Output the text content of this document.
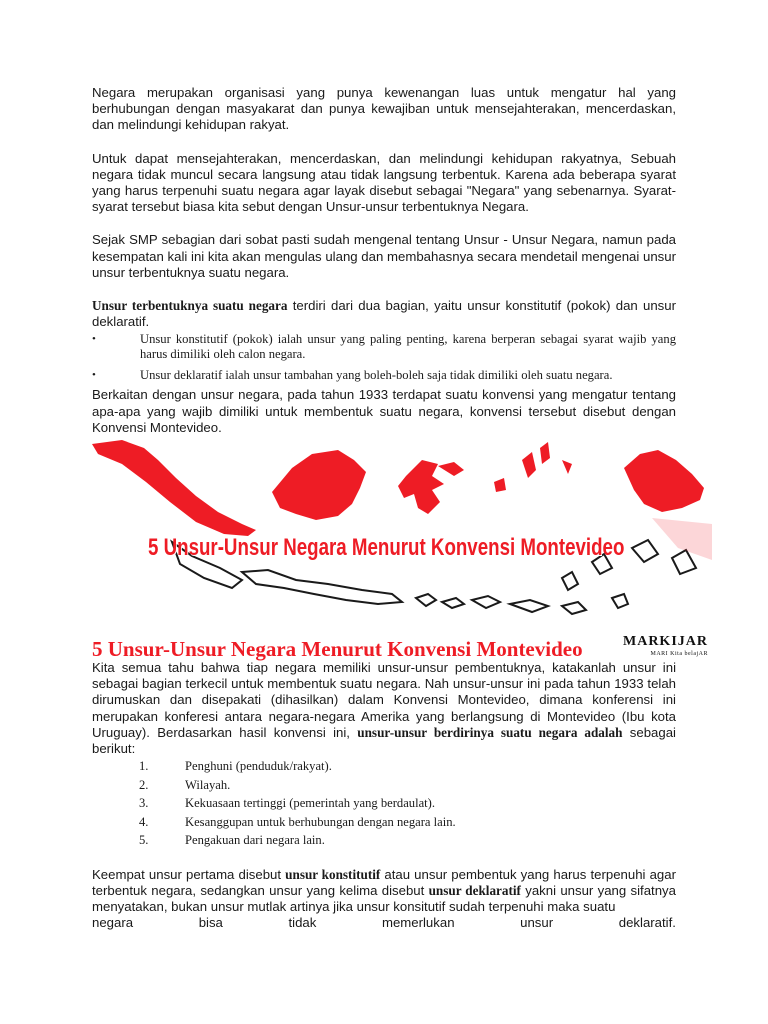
Negara merupakan organisasi yang punya kewenangan luas untuk mengatur hal yang berhubungan dengan masyakarat dan punya kewajiban untuk mensejahterakan, mencerdaskan, dan melindungi kehidupan rakyat.

Untuk dapat mensejahterakan, mencerdaskan, dan melindungi kehidupan rakyatnya, Sebuah negara tidak muncul secara langsung atau tidak langsung terbentuk. Karena ada beberapa syarat yang harus terpenuhi suatu negara agar layak disebut sebagai "Negara" yang sebenarnya. Syarat-syarat tersebut biasa kita sebut dengan Unsur-unsur terbentuknya Negara.

Sejak SMP sebagian dari sobat pasti sudah mengenal tentang Unsur - Unsur Negara, namun pada kesempatan kali ini kita akan mengulas ulang dan membahasnya secara mendetail mengenai unsur unsur terbentuknya suatu negara.

Unsur terbentuknya suatu negara terdiri dari dua bagian, yaitu unsur konstitutif (pokok) dan unsur deklaratif.

•	Unsur konstitutif (pokok) ialah unsur yang paling penting, karena berperan sebagai syarat wajib yang harus dimiliki oleh calon negara.
•	Unsur deklaratif ialah unsur tambahan yang boleh-boleh saja tidak dimiliki oleh suatu negara.

Berkaitan dengan unsur negara, pada tahun 1933 terdapat suatu konvensi yang mengatur tentang apa-apa yang wajib dimiliki untuk membentuk suatu negara, konvensi tersebut disebut dengan Konvensi Montevideo.

5 Unsur-Unsur Negara Menurut Konvensi Montevideo
MARKIJAR
MARI Kita belajAR
5 Unsur-Unsur Negara Menurut Konvensi Montevideo

Kita semua tahu bahwa tiap negara memiliki unsur-unsur pembentuknya, katakanlah unsur ini sebagai bagian terkecil untuk membentuk suatu negara. Nah unsur-unsur ini pada tahun 1933 telah dirumuskan dan disepakati (dihasilkan) dalam Konvensi Montevideo, dimana konferensi ini merupakan konferesi antara negara-negara Amerika yang berlangsung di Montevideo (Ibu kota Uruguay). Berdasarkan hasil konvensi ini, unsur-unsur berdirinya suatu negara adalah sebagai berikut:

1.	Penghuni (penduduk/rakyat).
2.	Wilayah.
3.	Kekuasaan tertinggi (pemerintah yang berdaulat).
4.	Kesanggupan untuk berhubungan dengan negara lain.
5.	Pengakuan dari negara lain.

Keempat unsur pertama disebut unsur konstitutif atau unsur pembentuk yang harus terpenuhi agar terbentuk negara, sedangkan unsur yang kelima disebut unsur deklaratif yakni unsur yang sifatnya menyatakan, bukan unsur mutlak artinya jika unsur konsitutif sudah terpenuhi maka suatu

negara	bisa	tidak	memerlukan	unsur	deklaratif.
